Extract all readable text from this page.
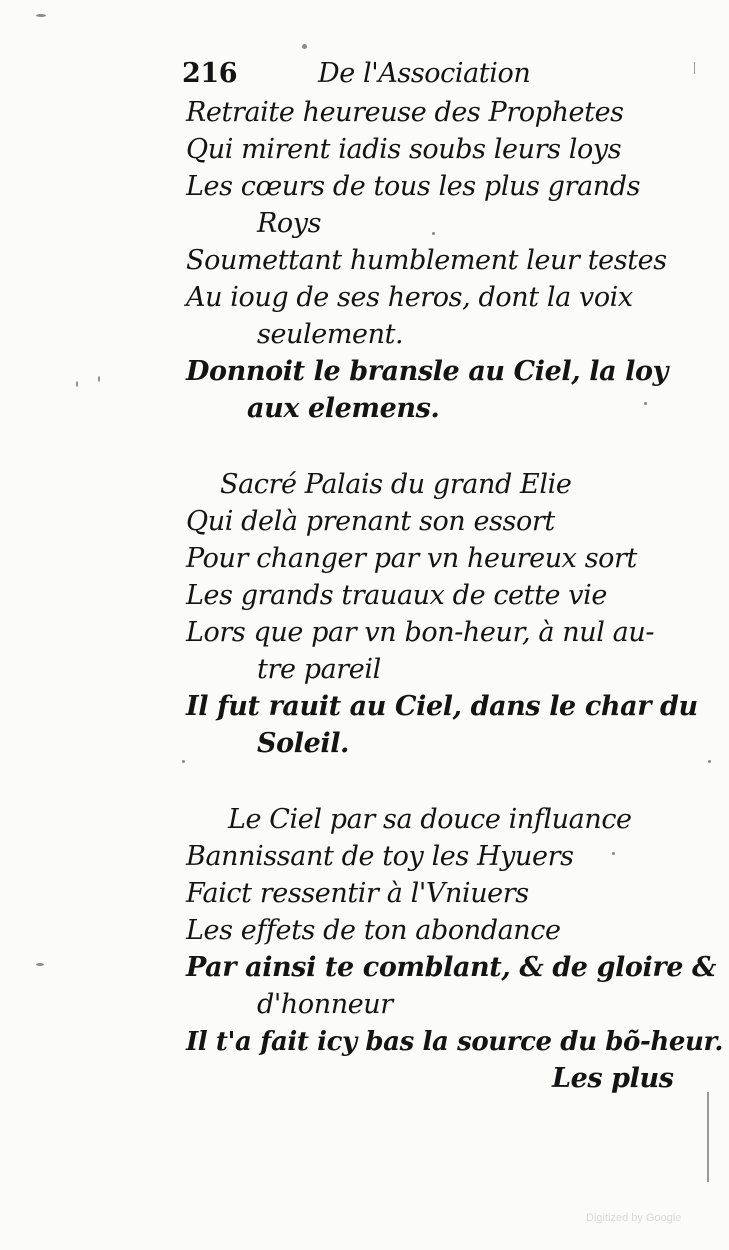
216	De l'Association
Retraite heureuse des Prophetes
Qui mirent iadis soubs leurs loys
Les cœurs de tous les plus grands
Roys
Soumettant humblement leur testes
Au ioug de ses heros, dont la voix
seulement.
Donnoit le bransle au Ciel, la loy
aux elemens.
Sacré Palais du grand Elie
Qui delà prenant son essort
Pour changer par vn heureux sort
Les grands trauaux de cette vie
Lors que par vn bon-heur, à nul au-
tre pareil
Il fut rauit au Ciel, dans le char du
Soleil.
Le Ciel par sa douce influance
Bannissant de toy les Hyuers
Faict ressentir à l'Vniuers
Les effets de ton abondance
Par ainsi te comblant, & de gloire &
d'honneur
Il t'a fait icy bas la source du bõ-heur.
Les plus
Digitized by Google
